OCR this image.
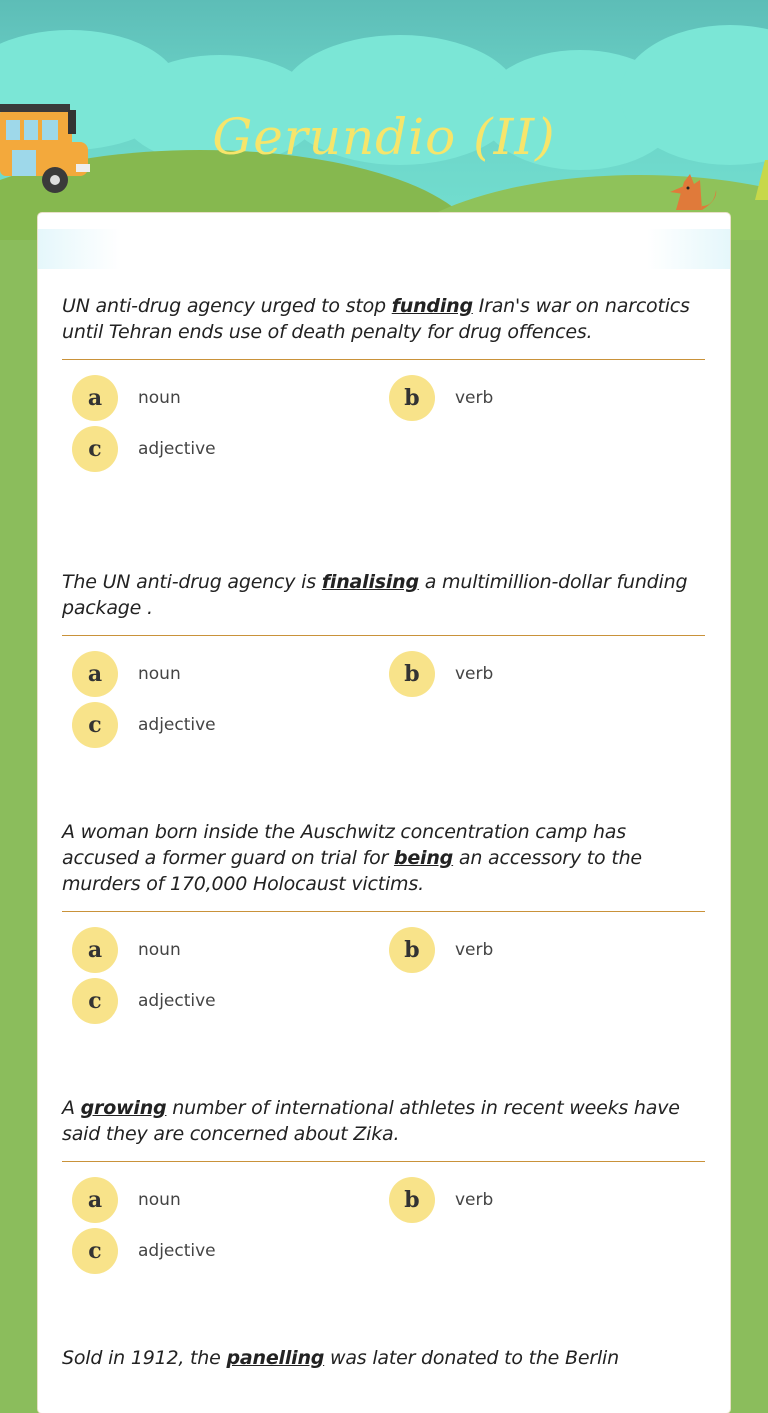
Gerundio (II)

UN anti-drug agency urged to stop funding Iran's war on narcotics until Tehran ends use of death penalty for drug offences.

a	noun	b	verb
c	adjective

The UN anti-drug agency is finalising a multimillion-dollar funding package .

a	noun	b	verb
c	adjective

A woman born inside the Auschwitz concentration camp has accused a former guard on trial for being an accessory to the murders of 170,000 Holocaust victims.

a	noun	b	verb
c	adjective

A growing number of international athletes in recent weeks have said they are concerned about Zika.

a	noun	b	verb
c	adjective

Sold in 1912, the panelling was later donated to the Berlin
